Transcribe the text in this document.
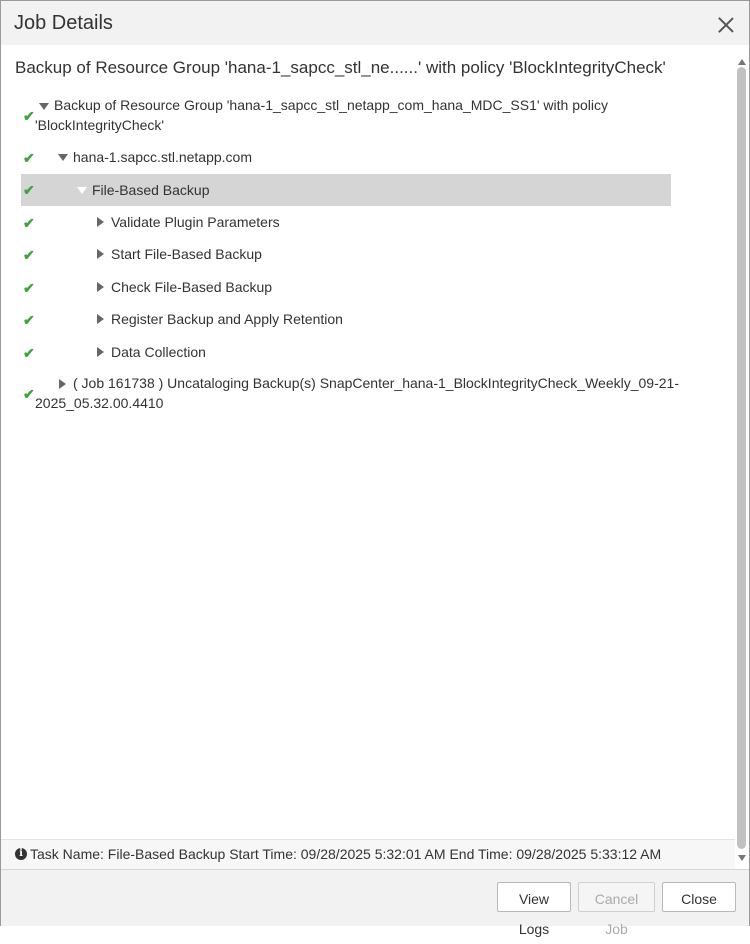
Job Details
Backup of Resource Group 'hana-1_sapcc_stl_ne......' with policy 'BlockIntegrityCheck'
✔
Backup of Resource Group 'hana-1_sapcc_stl_netapp_com_hana_MDC_SS1' with policy
'BlockIntegrityCheck'
✔	hana-1.sapcc.stl.netapp.com
✔	File-Based Backup
✔	Validate Plugin Parameters
✔	Start File-Based Backup
✔	Check File-Based Backup
✔	Register Backup and Apply Retention
✔	Data Collection
✔
( Job 161738 ) Uncataloging Backup(s) SnapCenter_hana-1_BlockIntegrityCheck_Weekly_09-21-
2025_05.32.00.4410
i Task Name: File-Based Backup Start Time: 09/28/2025 5:32:01 AM End Time: 09/28/2025 5:33:12 AM
View Logs
Cancel Job
Close
